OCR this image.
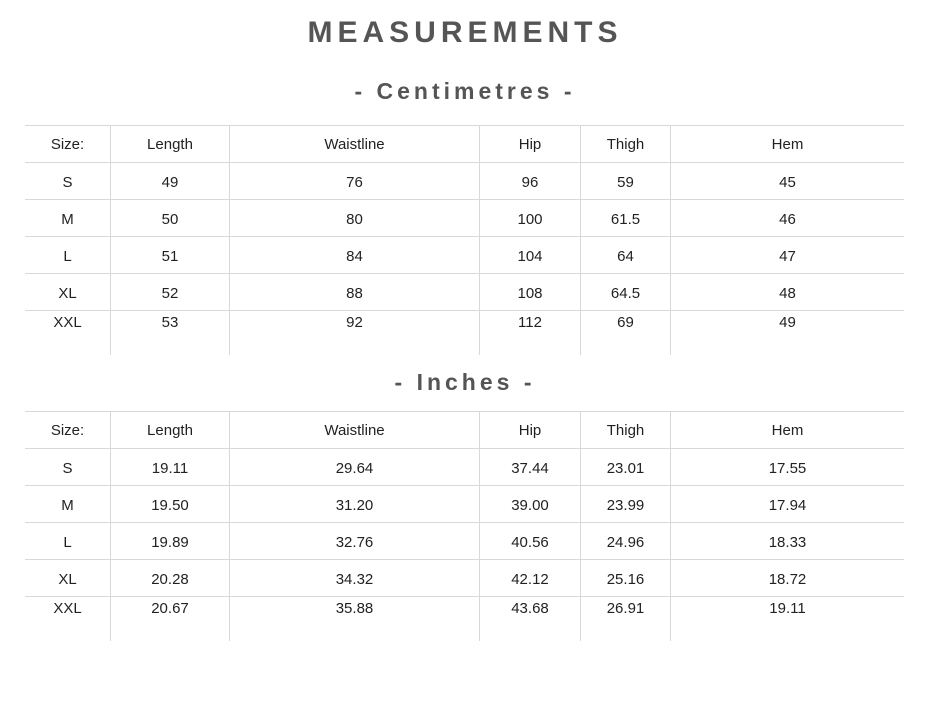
MEASUREMENTS
- Centimetres -
Size:	Length	Waistline	Hip	Thigh	Hem
S	49	76	96	59	45
M	50	80	100	61.5	46
L	51	84	104	64	47
XL	52	88	108	64.5	48
XXL	53	92	112	69	49
- Inches -
Size:	Length	Waistline	Hip	Thigh	Hem
S	19.11	29.64	37.44	23.01	17.55
M	19.50	31.20	39.00	23.99	17.94
L	19.89	32.76	40.56	24.96	18.33
XL	20.28	34.32	42.12	25.16	18.72
XXL	20.67	35.88	43.68	26.91	19.11
